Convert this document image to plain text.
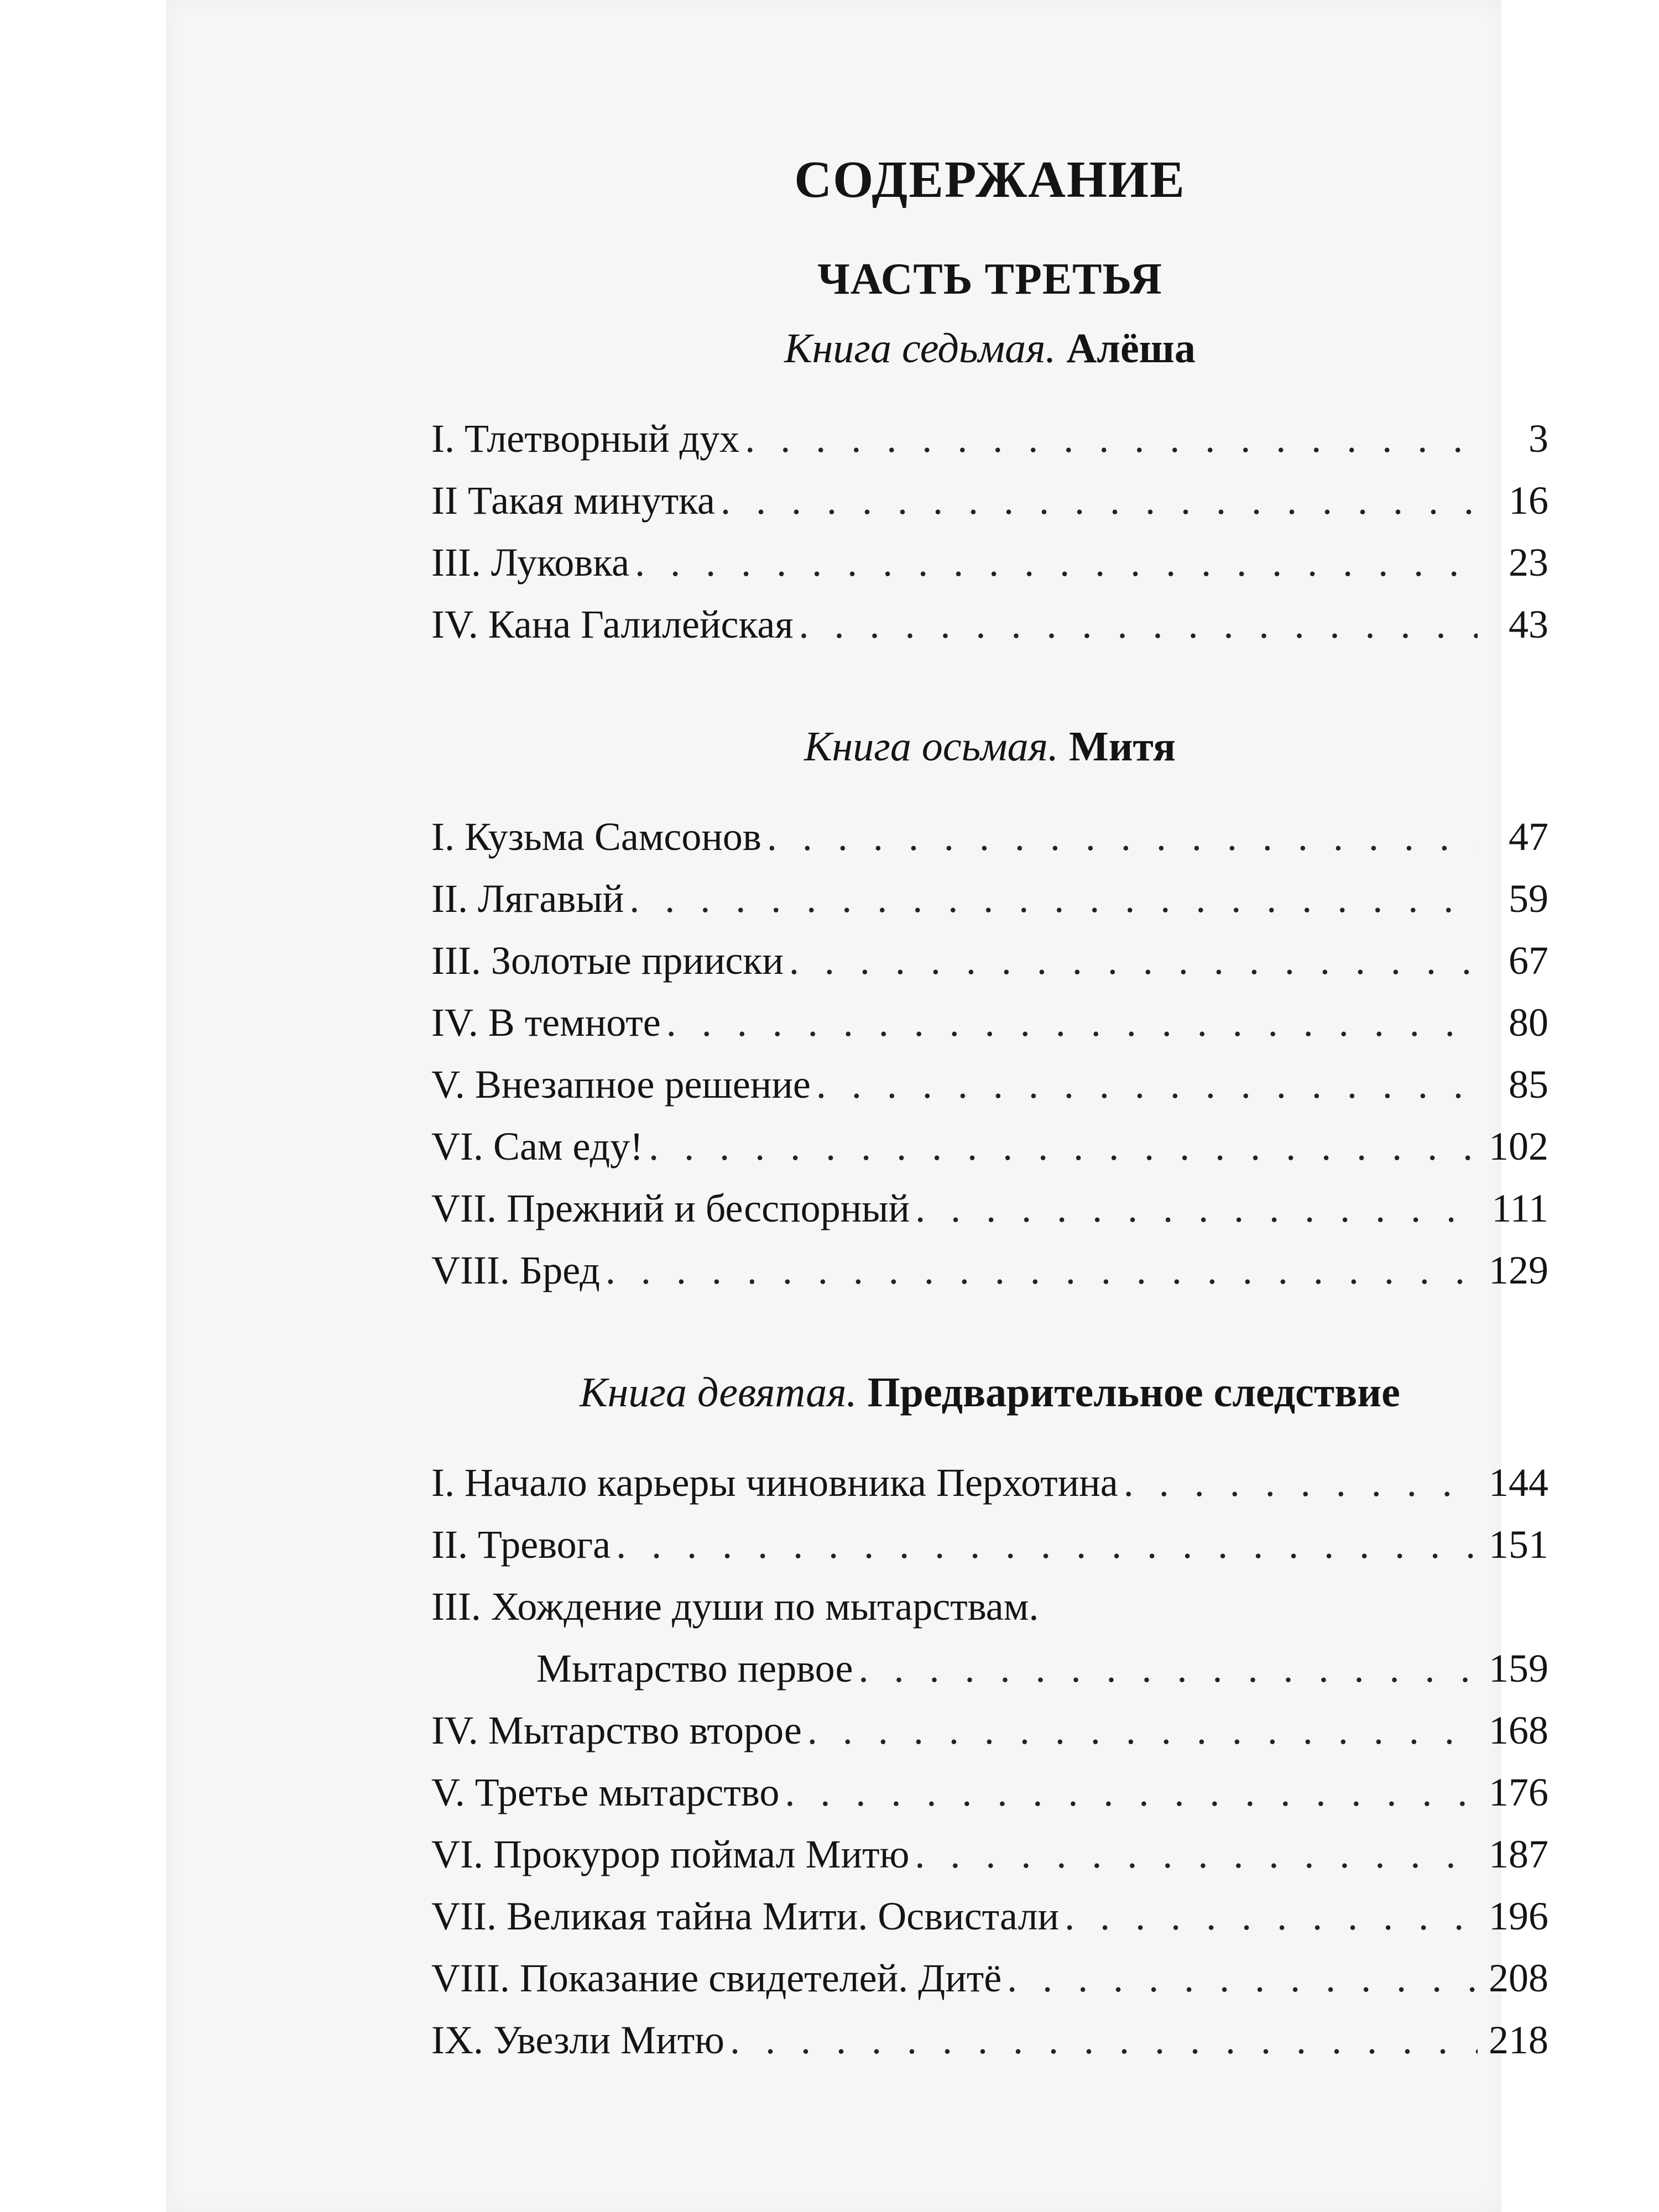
СОДЕРЖАНИЕ
ЧАСТЬ ТРЕТЬЯ
Книга седьмая. Алёша
I. Тлетворный дух . . .	3
II Такая минутка . . .	16
III. Луковка . . .	23
IV. Кана Галилейская . . .	43
Книга осьмая. Митя
I. Кузьма Самсонов . . .	47
II. Лягавый . . .	59
III. Золотые прииски . . .	67
IV. В темноте . . .	80
V. Внезапное решение . . .	85
VI. Сам еду! . . .	102
VII. Прежний и бесспорный . . .	111
VIII. Бред . . .	129
Книга девятая. Предварительное следствие
I. Начало карьеры чиновника Перхотина . . .	144
II. Тревога . . .	151
III. Хождение души по мытарствам.
Мытарство первое . . .	159
IV. Мытарство второе . . .	168
V. Третье мытарство . . .	176
VI. Прокурор поймал Митю . . .	187
VII. Великая тайна Мити. Освистали . . .	196
VIII. Показание свидетелей. Дитё . . .	208
IX. Увезли Митю . . .	218
